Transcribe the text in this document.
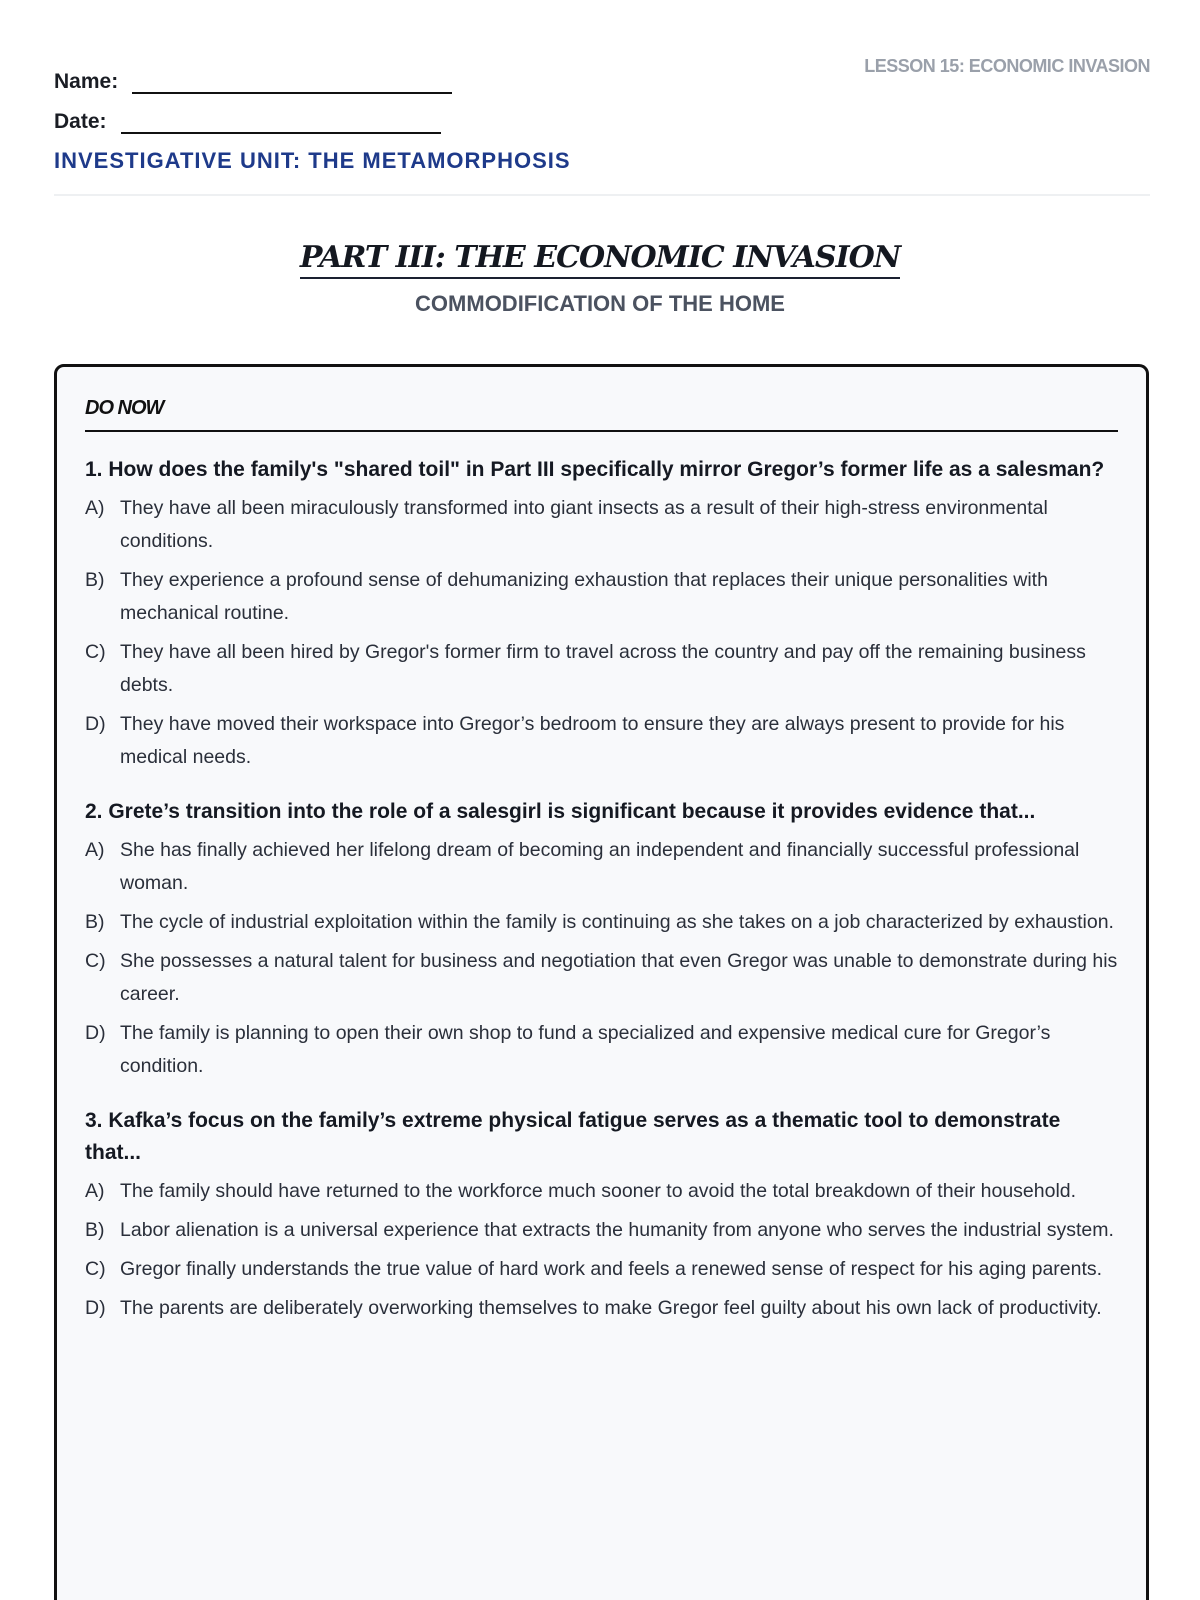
Name:
Date:
LESSON 15: ECONOMIC INVASION
INVESTIGATIVE UNIT: THE METAMORPHOSIS
PART III: THE ECONOMIC INVASION
COMMODIFICATION OF THE HOME
DO NOW
1. How does the family's "shared toil" in Part III specifically mirror Gregor’s former life as a salesman?
A) They have all been miraculously transformed into giant insects as a result of their high-stress environmental conditions.
B) They experience a profound sense of dehumanizing exhaustion that replaces their unique personalities with mechanical routine.
C) They have all been hired by Gregor's former firm to travel across the country and pay off the remaining business debts.
D) They have moved their workspace into Gregor’s bedroom to ensure they are always present to provide for his medical needs.
2. Grete’s transition into the role of a salesgirl is significant because it provides evidence that...
A) She has finally achieved her lifelong dream of becoming an independent and financially successful professional woman.
B) The cycle of industrial exploitation within the family is continuing as she takes on a job characterized by exhaustion.
C) She possesses a natural talent for business and negotiation that even Gregor was unable to demonstrate during his career.
D) The family is planning to open their own shop to fund a specialized and expensive medical cure for Gregor’s condition.
3. Kafka’s focus on the family’s extreme physical fatigue serves as a thematic tool to demonstrate that...
A) The family should have returned to the workforce much sooner to avoid the total breakdown of their household.
B) Labor alienation is a universal experience that extracts the humanity from anyone who serves the industrial system.
C) Gregor finally understands the true value of hard work and feels a renewed sense of respect for his aging parents.
D) The parents are deliberately overworking themselves to make Gregor feel guilty about his own lack of productivity.
